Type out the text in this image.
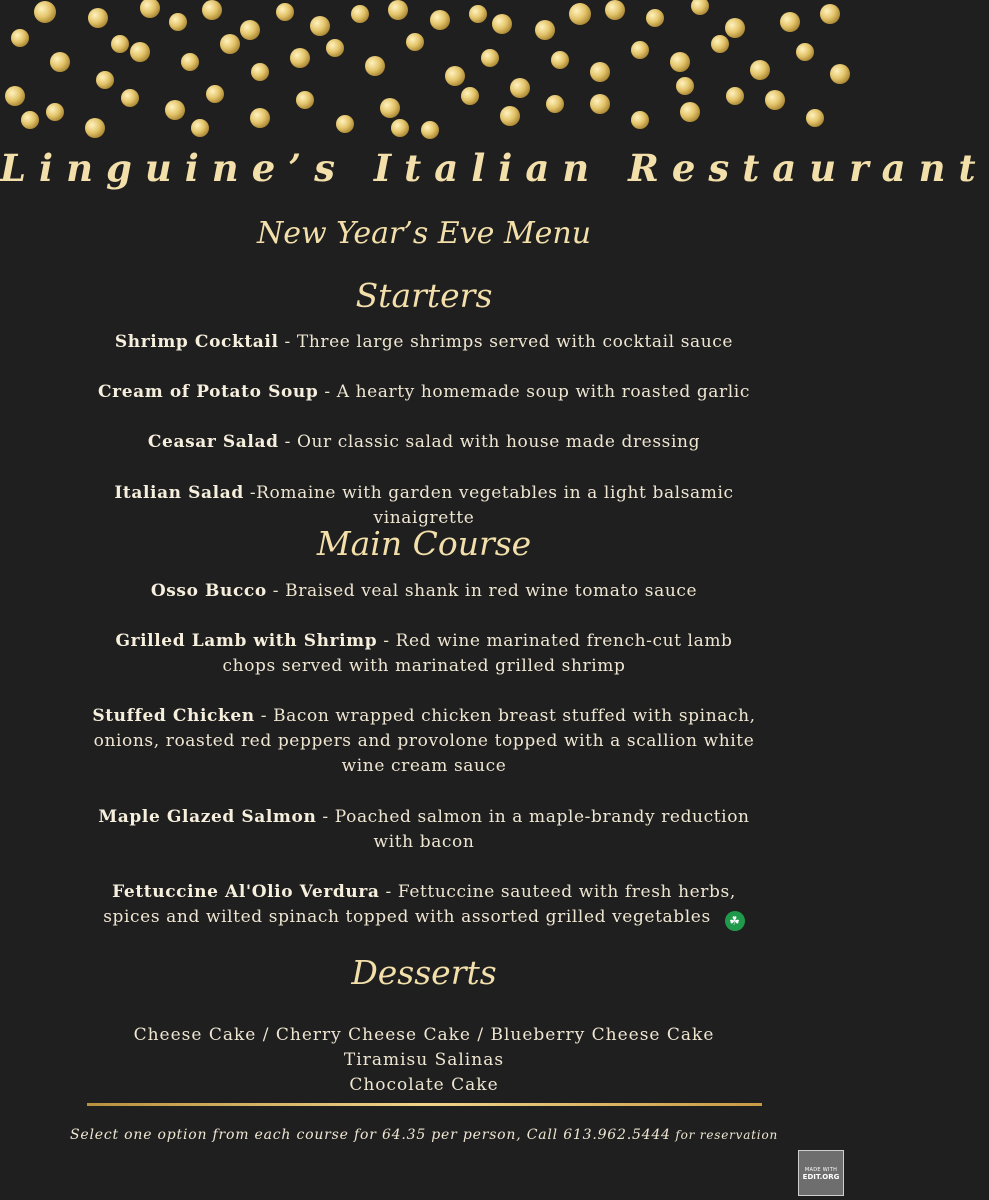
Linguine’s Italian Restaurant
New Year’s Eve Menu
Starters
Shrimp Cocktail - Three large shrimps served with cocktail sauce
Cream of Potato Soup - A hearty homemade soup with roasted garlic
Ceasar Salad - Our classic salad with house made dressing
Italian Salad -Romaine with garden vegetables in a light balsamic vinaigrette
Main Course
Osso Bucco - Braised veal shank in red wine tomato sauce
Grilled Lamb with Shrimp - Red wine marinated french-cut lamb chops served with marinated grilled shrimp
Stuffed Chicken - Bacon wrapped chicken breast stuffed with spinach, onions, roasted red peppers and provolone topped with a scallion white wine cream sauce
Maple Glazed Salmon - Poached salmon in a maple-brandy reduction with bacon
Fettuccine Al'Olio Verdura - Fettuccine sauteed with fresh herbs, spices and wilted spinach topped with assorted grilled vegetables ☘
Desserts
Cheese Cake / Cherry Cheese Cake / Blueberry Cheese Cake
Tiramisu Salinas
Chocolate Cake
Select one option from each course for 64.35 per person, Call 613.962.5444 for reservation
MADE WITH
EDIT.ORG
